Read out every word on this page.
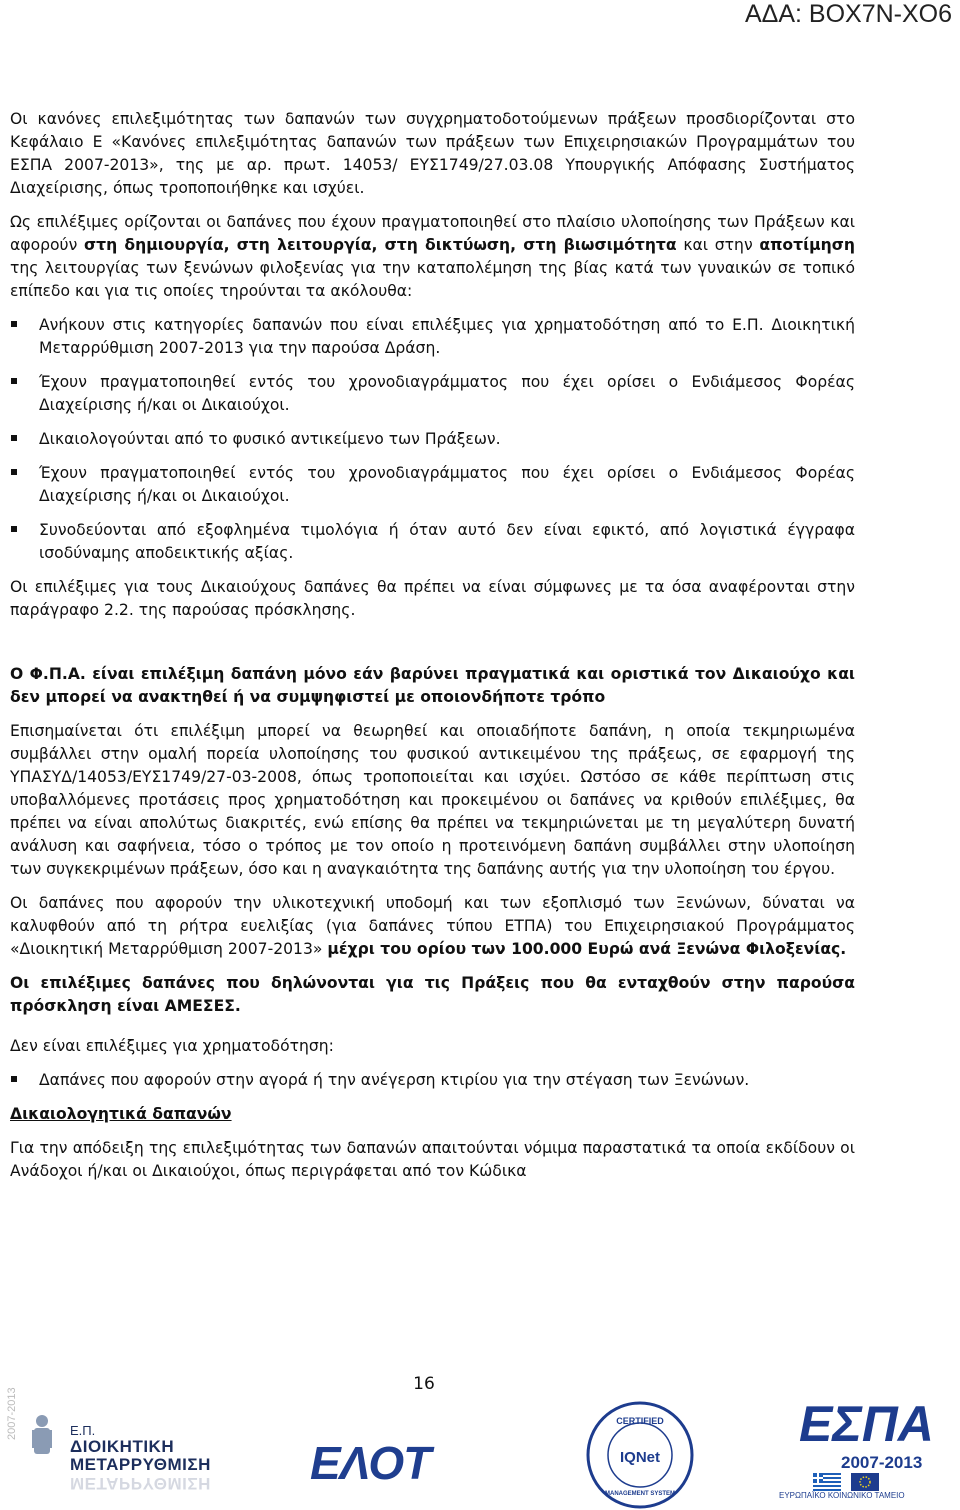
ΑΔΑ: ΒΟΧ7Ν-ΧΟ6

Οι κανόνες επιλεξιμότητας των δαπανών των συγχρηματοδοτούμενων πράξεων προσδιορίζονται στο Κεφάλαιο Ε «Κανόνες επιλεξιμότητας δαπανών των πράξεων των Επιχειρησιακών Προγραμμάτων του ΕΣΠΑ 2007-2013», της με αρ. πρωτ. 14053/ ΕΥΣ1749/27.03.08 Υπουργικής Απόφασης Συστήματος Διαχείρισης, όπως τροποποιήθηκε και ισχύει.

Ως επιλέξιμες ορίζονται οι δαπάνες που έχουν πραγματοποιηθεί στο πλαίσιο υλοποίησης των Πράξεων και αφορούν στη δημιουργία, στη λειτουργία, στη δικτύωση, στη βιωσιμότητα και στην αποτίμηση της λειτουργίας των ξενώνων φιλοξενίας για την καταπολέμηση της βίας κατά των γυναικών σε τοπικό επίπεδο και για τις οποίες τηρούνται τα ακόλουθα:

Ανήκουν στις κατηγορίες δαπανών που είναι επιλέξιμες για χρηματοδότηση από το Ε.Π. Διοικητική Μεταρρύθμιση 2007-2013 για την παρούσα Δράση.
Έχουν πραγματοποιηθεί εντός του χρονοδιαγράμματος που έχει ορίσει ο Ενδιάμεσος Φορέας Διαχείρισης ή/και οι Δικαιούχοι.
Δικαιολογούνται από το φυσικό αντικείμενο των Πράξεων.
Έχουν πραγματοποιηθεί εντός του χρονοδιαγράμματος που έχει ορίσει ο Ενδιάμεσος Φορέας Διαχείρισης ή/και οι Δικαιούχοι.
Συνοδεύονται από εξοφλημένα τιμολόγια ή όταν αυτό δεν είναι εφικτό, από λογιστικά έγγραφα ισοδύναμης αποδεικτικής αξίας.

Οι επιλέξιμες για τους Δικαιούχους δαπάνες θα πρέπει να είναι σύμφωνες με τα όσα αναφέρονται στην παράγραφο 2.2. της παρούσας πρόσκλησης.

Ο Φ.Π.Α. είναι επιλέξιμη δαπάνη μόνο εάν βαρύνει πραγματικά και οριστικά τον Δικαιούχο και δεν μπορεί να ανακτηθεί ή να συμψηφιστεί με οποιονδήποτε τρόπο

Επισημαίνεται ότι επιλέξιμη μπορεί να θεωρηθεί και οποιαδήποτε δαπάνη, η οποία τεκμηριωμένα συμβάλλει στην ομαλή πορεία υλοποίησης του φυσικού αντικειμένου της πράξεως, σε εφαρμογή της ΥΠΑΣΥΔ/14053/ΕΥΣ1749/27-03-2008, όπως τροποποιείται και ισχύει. Ωστόσο σε κάθε περίπτωση στις υποβαλλόμενες προτάσεις προς χρηματοδότηση και προκειμένου οι δαπάνες να κριθούν επιλέξιμες, θα πρέπει να είναι απολύτως διακριτές, ενώ επίσης θα πρέπει να τεκμηριώνεται με τη μεγαλύτερη δυνατή ανάλυση και σαφήνεια, τόσο ο τρόπος με τον οποίο η προτεινόμενη δαπάνη συμβάλλει στην υλοποίηση των συγκεκριμένων πράξεων, όσο και η αναγκαιότητα της δαπάνης αυτής για την υλοποίηση του έργου.

Οι δαπάνες που αφορούν την υλικοτεχνική υποδομή και των εξοπλισμό των Ξενώνων, δύναται να καλυφθούν από τη ρήτρα ευελιξίας (για δαπάνες τύπου ΕΤΠΑ) του Επιχειρησιακού Προγράμματος «Διοικητική Μεταρρύθμιση 2007-2013» μέχρι του ορίου των 100.000 Ευρώ ανά Ξενώνα Φιλοξενίας.

Οι επιλέξιμες δαπάνες που δηλώνονται για τις Πράξεις που θα ενταχθούν στην παρούσα πρόσκληση είναι ΑΜΕΣΕΣ.

Δεν είναι επιλέξιμες για χρηματοδότηση:

Δαπάνες που αφορούν στην αγορά ή την ανέγερση κτιρίου για την στέγαση των Ξενώνων.

Δικαιολογητικά δαπανών

Για την απόδειξη της επιλεξιμότητας των δαπανών απαιτούνται νόμιμα παραστατικά τα οποία εκδίδουν οι Ανάδοχοι ή/και οι Δικαιούχοι, όπως περιγράφεται από τον Κώδικα

16
2007-2013	Ε.Π.
ΔΙΟΙΚΗΤΙΚΗ
ΜΕΤΑΡΡΥΘΜΙΣΗ
ΜΕΤΑΡΡΥΘΜΙΣΗ ΕΛΟΤ
CERTIFIED
IQNet
MANAGEMENT SYSTEM
ΕΣΠΑ
2007-2013
ΕΥΡΩΠΑΪΚΟ ΚΟΙΝΩΝΙΚΟ ΤΑΜΕΙΟ
